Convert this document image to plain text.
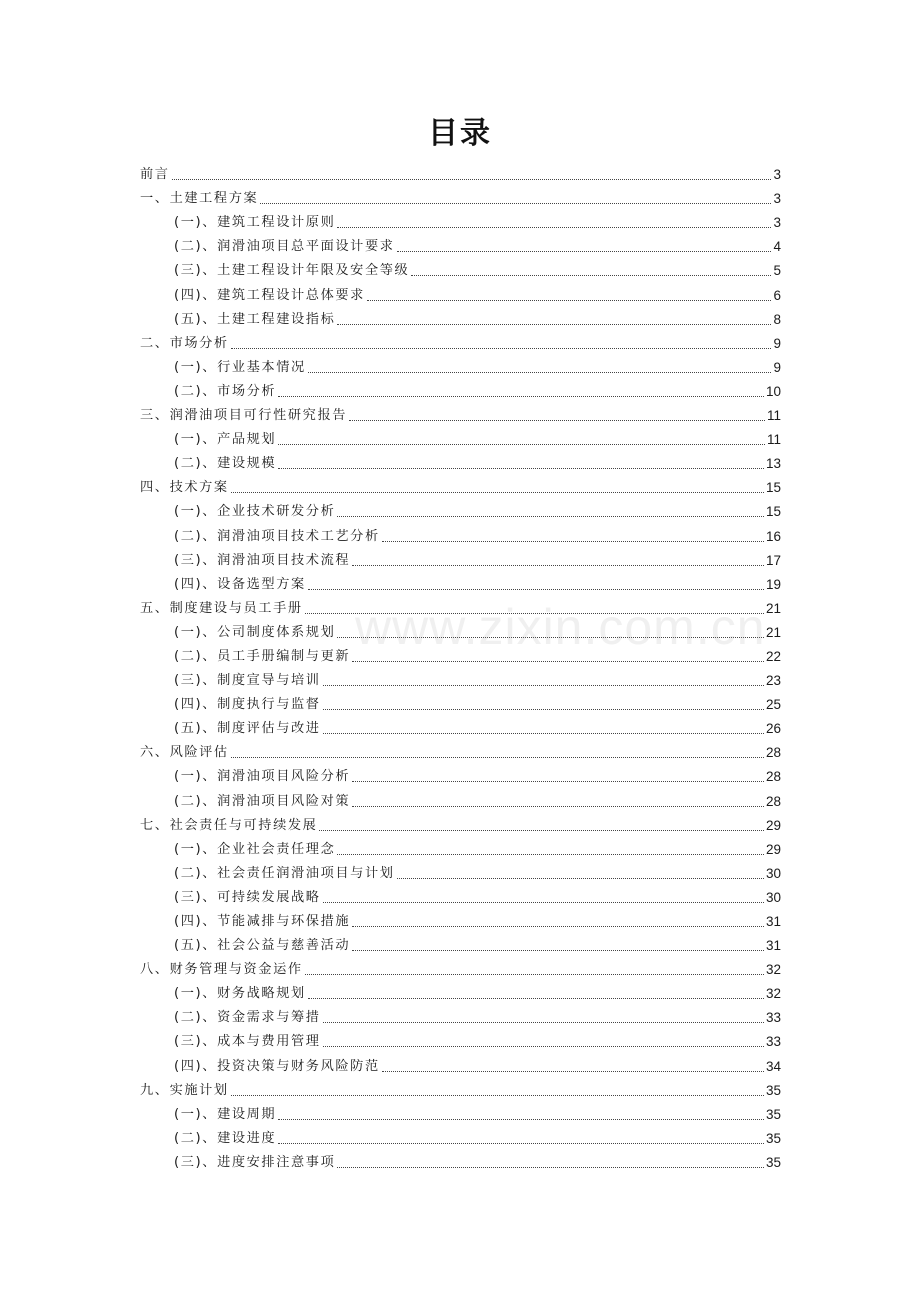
目录
前言	3
一、土建工程方案	3
(一)、建筑工程设计原则	3
(二)、润滑油项目总平面设计要求	4
(三)、土建工程设计年限及安全等级	5
(四)、建筑工程设计总体要求	6
(五)、土建工程建设指标	8
二、市场分析	9
(一)、行业基本情况	9
(二)、市场分析	10
三、润滑油项目可行性研究报告	11
(一)、产品规划	11
(二)、建设规模	13
四、技术方案	15
(一)、企业技术研发分析	15
(二)、润滑油项目技术工艺分析	16
(三)、润滑油项目技术流程	17
(四)、设备选型方案	19
五、制度建设与员工手册	21
(一)、公司制度体系规划	21
(二)、员工手册编制与更新	22
(三)、制度宣导与培训	23
(四)、制度执行与监督	25
(五)、制度评估与改进	26
六、风险评估	28
(一)、润滑油项目风险分析	28
(二)、润滑油项目风险对策	28
七、社会责任与可持续发展	29
(一)、企业社会责任理念	29
(二)、社会责任润滑油项目与计划	30
(三)、可持续发展战略	30
(四)、节能减排与环保措施	31
(五)、社会公益与慈善活动	31
八、财务管理与资金运作	32
(一)、财务战略规划	32
(二)、资金需求与筹措	33
(三)、成本与费用管理	33
(四)、投资决策与财务风险防范	34
九、实施计划	35
(一)、建设周期	35
(二)、建设进度	35
(三)、进度安排注意事项	35
www.zixin.com.cn
